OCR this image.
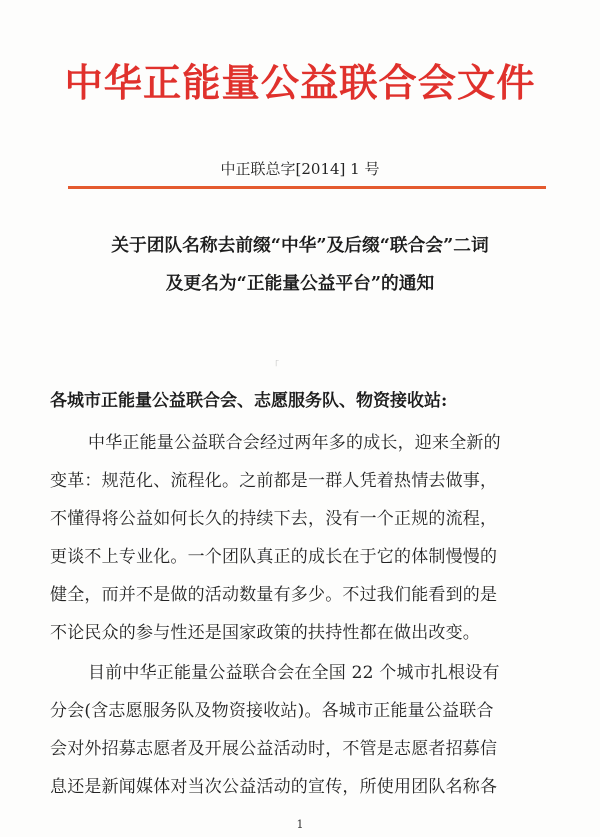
中华正能量公益联合会文件
中正联总字[2014] 1 号
关于团队名称去前缀“中华”及后缀“联合会”二词
及更名为“正能量公益平台”的通知
「
各城市正能量公益联合会、志愿服务队、物资接收站:
中华正能量公益联合会经过两年多的成长，迎来全新的
变革：规范化、流程化。之前都是一群人凭着热情去做事，
不懂得将公益如何长久的持续下去，没有一个正规的流程，
更谈不上专业化。一个团队真正的成长在于它的体制慢慢的
健全，而并不是做的活动数量有多少。不过我们能看到的是
不论民众的参与性还是国家政策的扶持性都在做出改变。
目前中华正能量公益联合会在全国 22 个城市扎根设有
分会(含志愿服务队及物资接收站)。各城市正能量公益联合
会对外招募志愿者及开展公益活动时，不管是志愿者招募信
息还是新闻媒体对当次公益活动的宣传，所使用团队名称各
1
